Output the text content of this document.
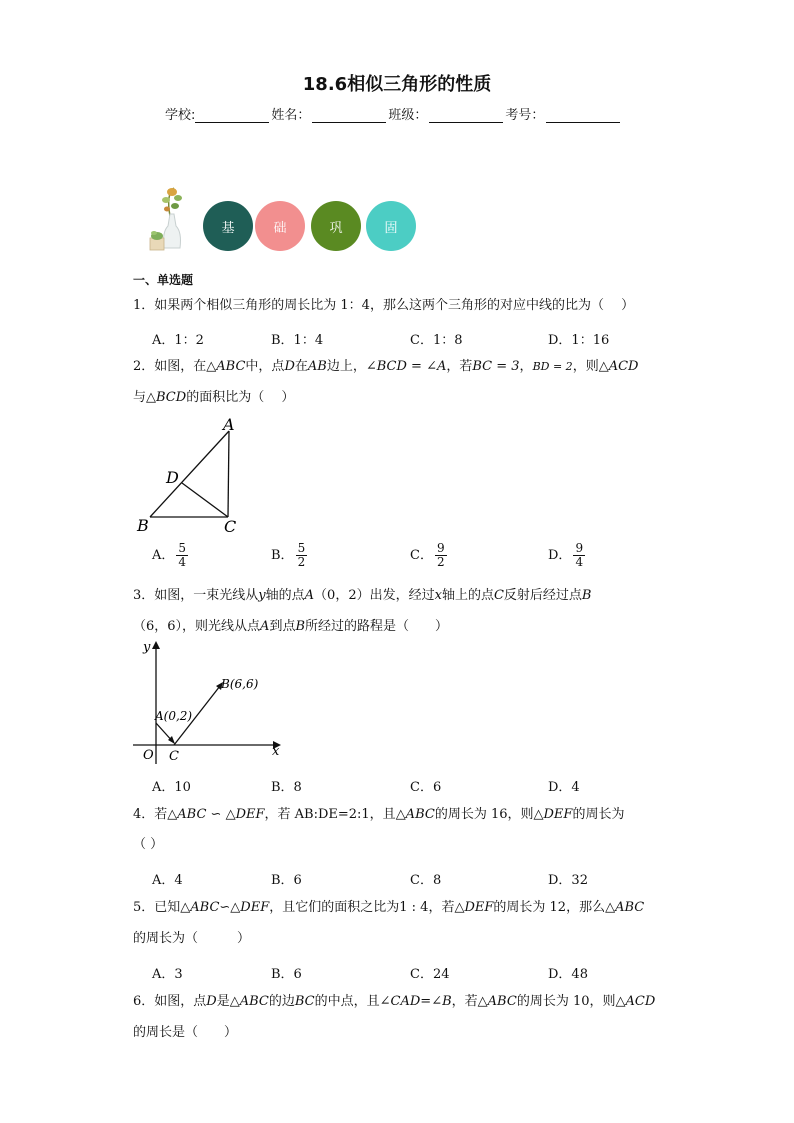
18.6相似三角形的性质
学校:	姓名：	班级：	考号：
基	础	巩	固
一、单选题
1．如果两个相似三角形的周长比为 1：4，那么这两个三角形的对应中线的比为（　 ）
A．1：2	B．1：4	C．1：8	D．1：16
2．如图，在△ABC中，点D在AB边上，∠BCD = ∠A，若BC = 3，BD = 2，则△ACD
与△BCD的面积比为（　 ）
A
D
B	C
A． $\frac{5}{4}$	B． $\frac{5}{2}$	C． $\frac{9}{2}$	D． $\frac{9}{4}$
3．如图，一束光线从y轴的点A（0，2）出发，经过x轴上的点C反射后经过点B
（6，6），则光线从点A到点B所经过的路程是（　　）
y
x
O C
A(0,2)
B(6,6)
A．10	B．8	C．6	D．4
4．若△ABC ∽ △DEF，若 AB:DE=2:1，且△ABC的周长为 16，则△DEF的周长为
（ ）
A．4	B．6	C．8	D．32
5．已知△ABC∽△DEF，且它们的面积之比为1 : 4，若△DEF的周长为 12，那么△ABC
的周长为（　　　）
A．3	B．6	C．24	D．48
6．如图，点D是△ABC的边BC的中点，且∠CAD=∠B，若△ABC的周长为 10，则△ACD
的周长是（　　）
